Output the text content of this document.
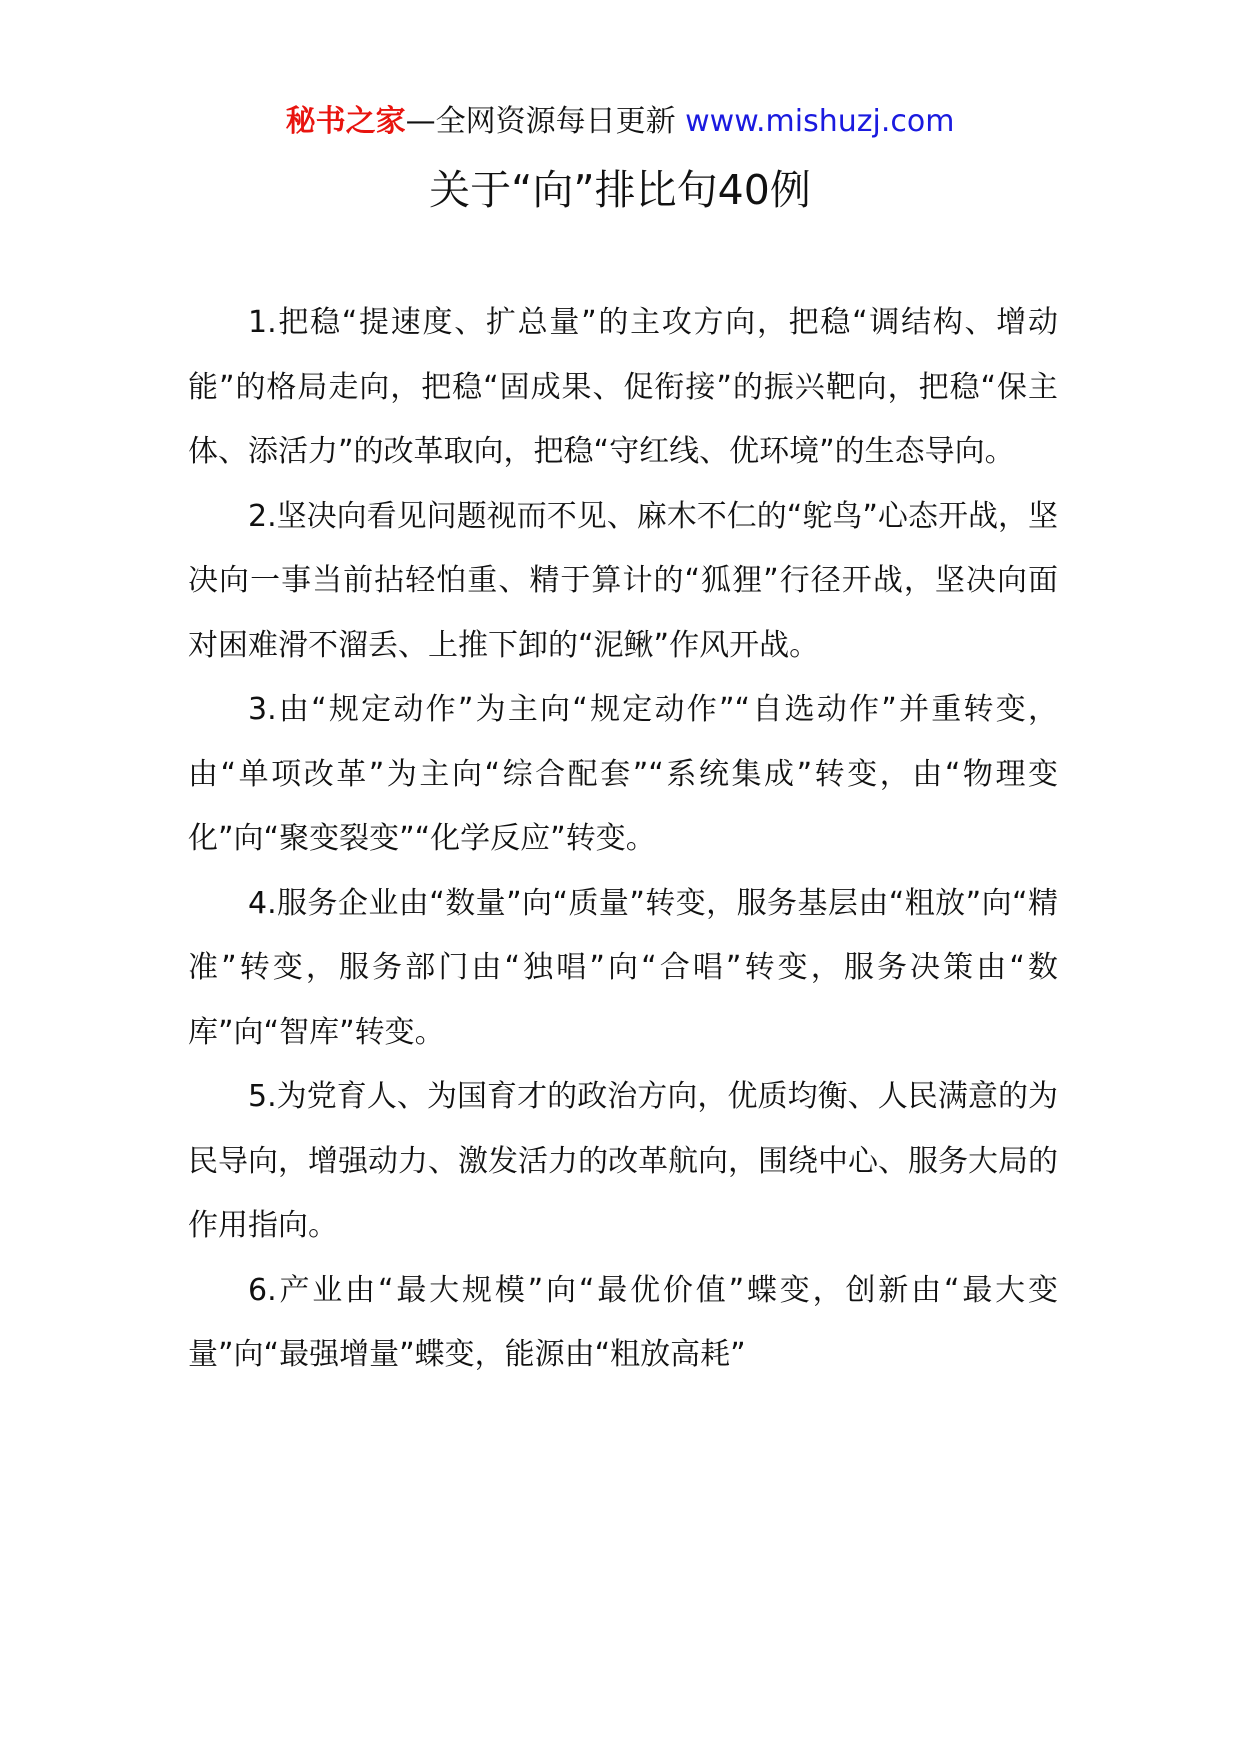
秘书之家—全网资源每日更新 www.mishuzj.com
关于“向”排比句40例

1.把稳“提速度、扩总量”的主攻方向，把稳“调结构、增动能”的格局走向，把稳“固成果、促衔接”的振兴靶向，把稳“保主体、添活力”的改革取向，把稳“守红线、优环境”的生态导向。

2.坚决向看见问题视而不见、麻木不仁的“鸵鸟”心态开战，坚决向一事当前拈轻怕重、精于算计的“狐狸”行径开战，坚决向面对困难滑不溜丢、上推下卸的“泥鳅”作风开战。

3.由“规定动作”为主向“规定动作”“自选动作”并重转变，由“单项改革”为主向“综合配套”“系统集成”转变，由“物理变化”向“聚变裂变”“化学反应”转变。

4.服务企业由“数量”向“质量”转变，服务基层由“粗放”向“精准”转变，服务部门由“独唱”向“合唱”转变，服务决策由“数库”向“智库”转变。

5.为党育人、为国育才的政治方向，优质均衡、人民满意的为民导向，增强动力、激发活力的改革航向，围绕中心、服务大局的作用指向。

6.产业由“最大规模”向“最优价值”蝶变，创新由“最大变量”向“最强增量”蝶变，能源由“粗放高耗”
